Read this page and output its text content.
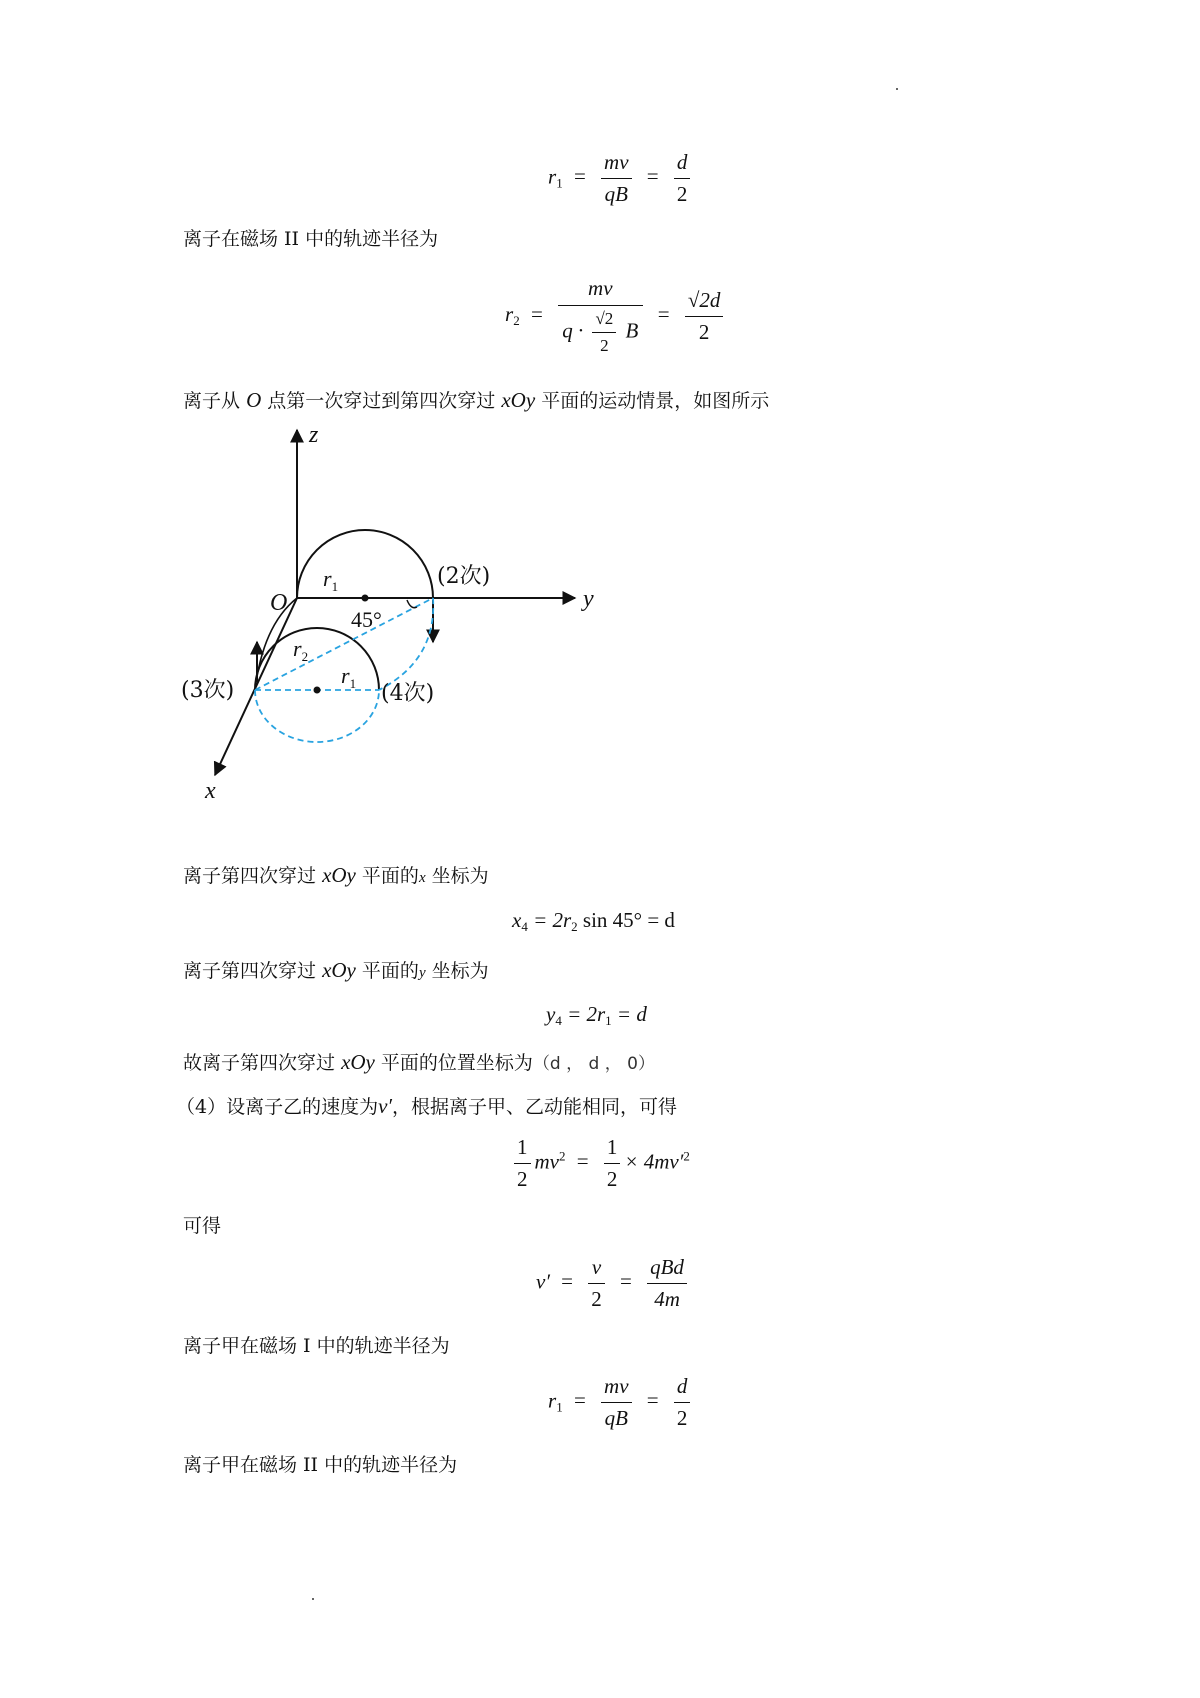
$r_1 = \frac{mv}{qB} = \frac{d}{2}$
离子在磁场 II 中的轨迹半径为
$r_2 = \frac{mv}{q \cdot \frac{√2}{2} B} = \frac{√2d}{2}$
离子从 O 点第一次穿过到第四次穿过 xOy 平面的运动情景，如图所示
z
y
x
O
$r_1$
45°
(2次)
$r_2$
$r_1$
(3次)	(4次)
离子第四次穿过 xOy 平面的x 坐标为
$x_4 = 2r_2$ sin 45° = d
离子第四次穿过 xOy 平面的y 坐标为
$y_4 = 2r_1 = d$
故离子第四次穿过 xOy 平面的位置坐标为（d ， d ， 0）
（4）设离子乙的速度为v′，根据离子甲、乙动能相同，可得
$\frac{1}{2} mv^2 = \frac{1}{2} \times 4mv'^2$
可得
$v' = \frac{v}{2} = \frac{\text{qBd}}{4m}$
离子甲在磁场 I 中的轨迹半径为
$r_1 = \frac{mv}{qB} = \frac{d}{2}$
离子甲在磁场 II 中的轨迹半径为
